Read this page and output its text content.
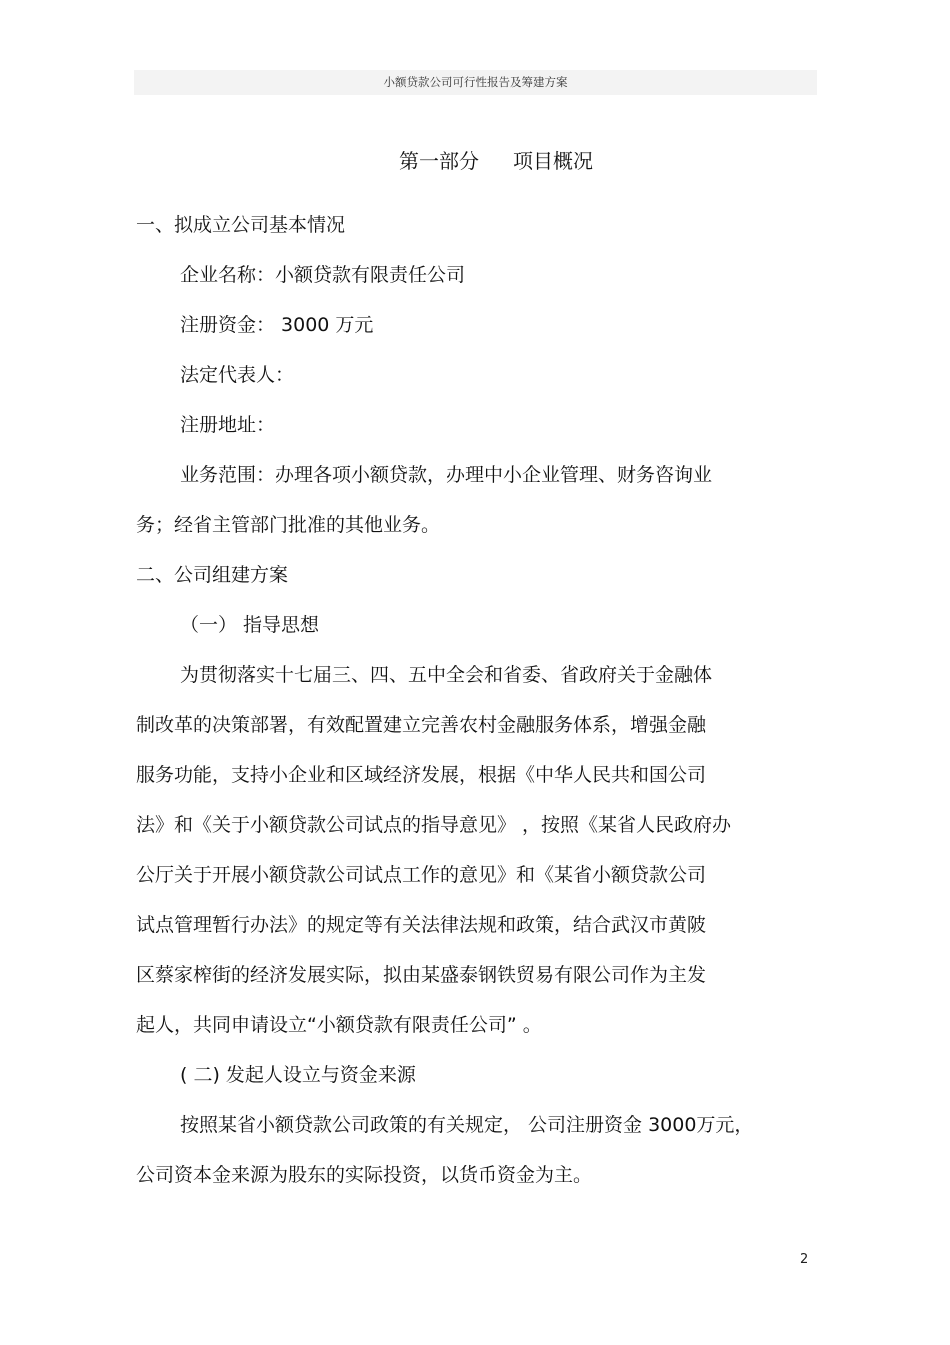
小额贷款公司可行性报告及筹建方案
第一部分 项目概况
一、拟成立公司基本情况
企业名称：小额贷款有限责任公司
注册资金： 3000 万元
法定代表人：
注册地址：
业务范围：办理各项小额贷款，办理中小企业管理、财务咨询业
务；经省主管部门批准的其他业务。
二、公司组建方案
（一） 指导思想
为贯彻落实十七届三、四、五中全会和省委、省政府关于金融体
制改革的决策部署，有效配置建立完善农村金融服务体系，增强金融
服务功能，支持小企业和区域经济发展，根据《中华人民共和国公司
法》和《关于小额贷款公司试点的指导意见》 ，按照《某省人民政府办
公厅关于开展小额贷款公司试点工作的意见》和《某省小额贷款公司
试点管理暂行办法》的规定等有关法律法规和政策，结合武汉市黄陂
区蔡家榨街的经济发展实际，拟由某盛泰钢铁贸易有限公司作为主发
起人，共同申请设立“小额贷款有限责任公司” 。
( 二) 发起人设立与资金来源
按照某省小额贷款公司政策的有关规定， 公司注册资金 3000万元，
公司资本金来源为股东的实际投资，以货币资金为主。
2
